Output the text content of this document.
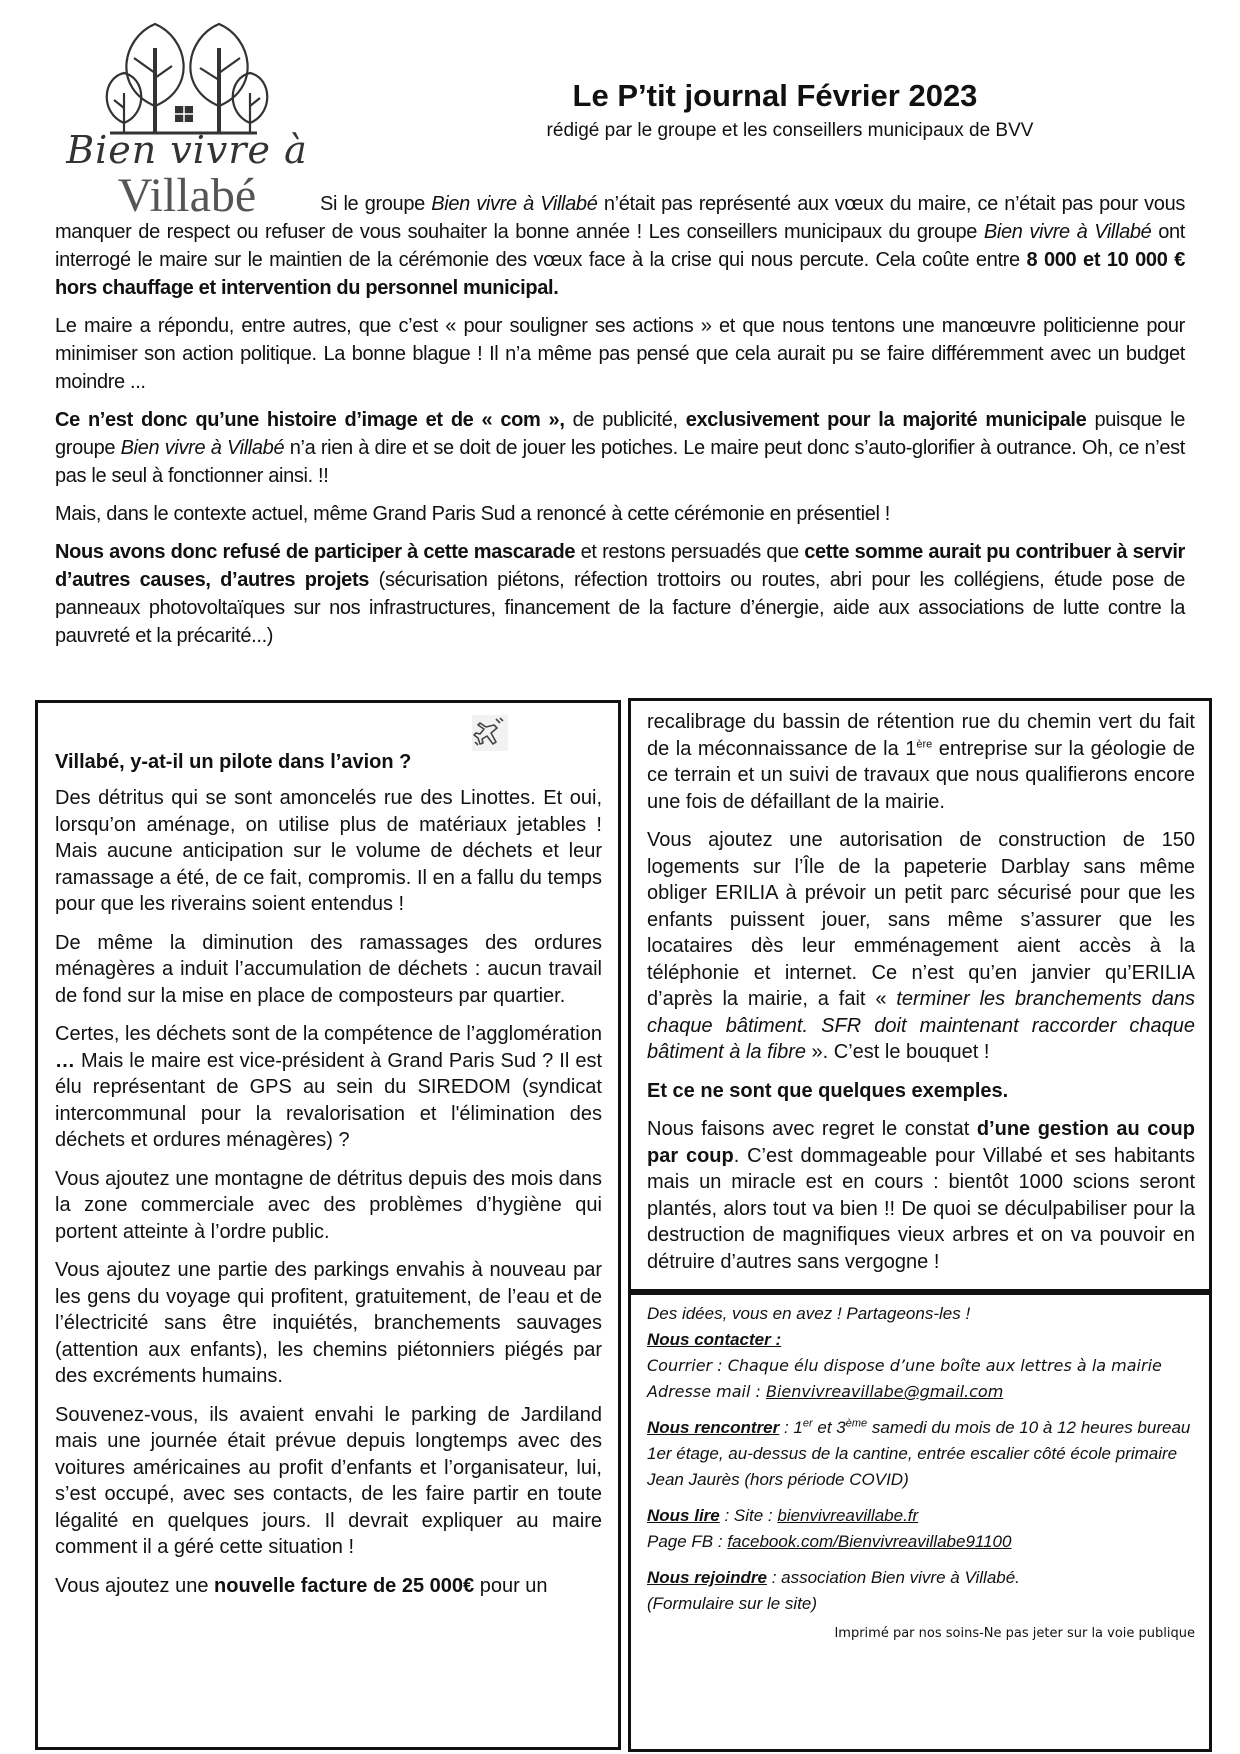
Bien vivre à
Villabé
Le P’tit journal Février 2023
rédigé par le groupe et les conseillers municipaux de BVV

Si le groupe Bien vivre à Villabé n’était pas représenté aux vœux du maire, ce n’était pas pour vous manquer de respect ou refuser de vous souhaiter la bonne année ! Les conseillers municipaux du groupe Bien vivre à Villabé ont interrogé le maire sur le maintien de la cérémonie des vœux face à la crise qui nous percute. Cela coûte entre 8 000 et 10 000 € hors chauffage et intervention du personnel municipal.

Le maire a répondu, entre autres, que c’est « pour souligner ses actions » et que nous tentons une manœuvre politicienne pour minimiser son action politique. La bonne blague ! Il n’a même pas pensé que cela aurait pu se faire différemment avec un budget moindre ...

Ce n’est donc qu’une histoire d’image et de « com », de publicité, exclusivement pour la majorité municipale puisque le groupe Bien vivre à Villabé n’a rien à dire et se doit de jouer les potiches. Le maire peut donc s’auto-glorifier à outrance. Oh, ce n’est pas le seul à fonctionner ainsi. !!

Mais, dans le contexte actuel, même Grand Paris Sud a renoncé à cette cérémonie en présentiel !

Nous avons donc refusé de participer à cette mascarade et restons persuadés que cette somme aurait pu contribuer à servir d’autres causes, d’autres projets (sécurisation piétons, réfection trottoirs ou routes, abri pour les collégiens, étude pose de panneaux photovoltaïques sur nos infrastructures, financement de la facture d’énergie, aide aux associations de lutte contre la pauvreté et la précarité...)

Villabé, y-at-il un pilote dans l’avion ?

Des détritus qui se sont amoncelés rue des Linottes. Et oui, lorsqu’on aménage, on utilise plus de matériaux jetables ! Mais aucune anticipation sur le volume de déchets et leur ramassage a été, de ce fait, compromis. Il en a fallu du temps pour que les riverains soient entendus !

De même la diminution des ramassages des ordures ménagères a induit l’accumulation de déchets : aucun travail de fond sur la mise en place de composteurs par quartier.

Certes, les déchets sont de la compétence de l’agglomération … Mais le maire est vice-président à Grand Paris Sud ? Il est élu représentant de GPS au sein du SIREDOM (syndicat intercommunal pour la revalorisation et l'élimination des déchets et ordures ménagères) ?

Vous ajoutez une montagne de détritus depuis des mois dans la zone commerciale avec des problèmes d’hygiène qui portent atteinte à l’ordre public.

Vous ajoutez une partie des parkings envahis à nouveau par les gens du voyage qui profitent, gratuitement, de l’eau et de l’électricité sans être inquiétés, branchements sauvages (attention aux enfants), les chemins piétonniers piégés par des excréments humains.

Souvenez-vous, ils avaient envahi le parking de Jardiland mais une journée était prévue depuis longtemps avec des voitures américaines au profit d’enfants et l’organisateur, lui, s’est occupé, avec ses contacts, de les faire partir en toute légalité en quelques jours. Il devrait expliquer au maire comment il a géré cette situation !

Vous ajoutez une nouvelle facture de 25 000€ pour un

recalibrage du bassin de rétention rue du chemin vert du fait de la méconnaissance de la 1ère entreprise sur la géologie de ce terrain et un suivi de travaux que nous qualifierons encore une fois de défaillant de la mairie.

Vous ajoutez une autorisation de construction de 150 logements sur l’Île de la papeterie Darblay sans même obliger ERILIA à prévoir un petit parc sécurisé pour que les enfants puissent jouer, sans même s’assurer que les locataires dès leur emménagement aient accès à la téléphonie et internet. Ce n’est qu’en janvier qu’ERILIA d’après la mairie, a fait « terminer les branchements dans chaque bâtiment. SFR doit maintenant raccorder chaque bâtiment à la fibre ». C’est le bouquet !

Et ce ne sont que quelques exemples.

Nous faisons avec regret le constat d’une gestion au coup par coup. C’est dommageable pour Villabé et ses habitants mais un miracle est en cours : bientôt 1000 scions seront plantés, alors tout va bien !! De quoi se déculpabiliser pour la destruction de magnifiques vieux arbres et on va pouvoir en détruire d’autres sans vergogne !

Des idées, vous en avez ! Partageons-les !

Nous contacter :

Courrier : Chaque élu dispose d’une boîte aux lettres à la mairie

Adresse mail : Bienvivreavillabe@gmail.com

Nous rencontrer : 1er et 3ème samedi du mois de 10 à 12 heures bureau 1er étage, au-dessus de la cantine, entrée escalier côté école primaire Jean Jaurès (hors période COVID)

Nous lire : Site : bienvivreavillabe.fr

Page FB : facebook.com/Bienvivreavillabe91100

Nous rejoindre : association Bien vivre à Villabé.

(Formulaire sur le site)

Imprimé par nos soins-Ne pas jeter sur la voie publique
